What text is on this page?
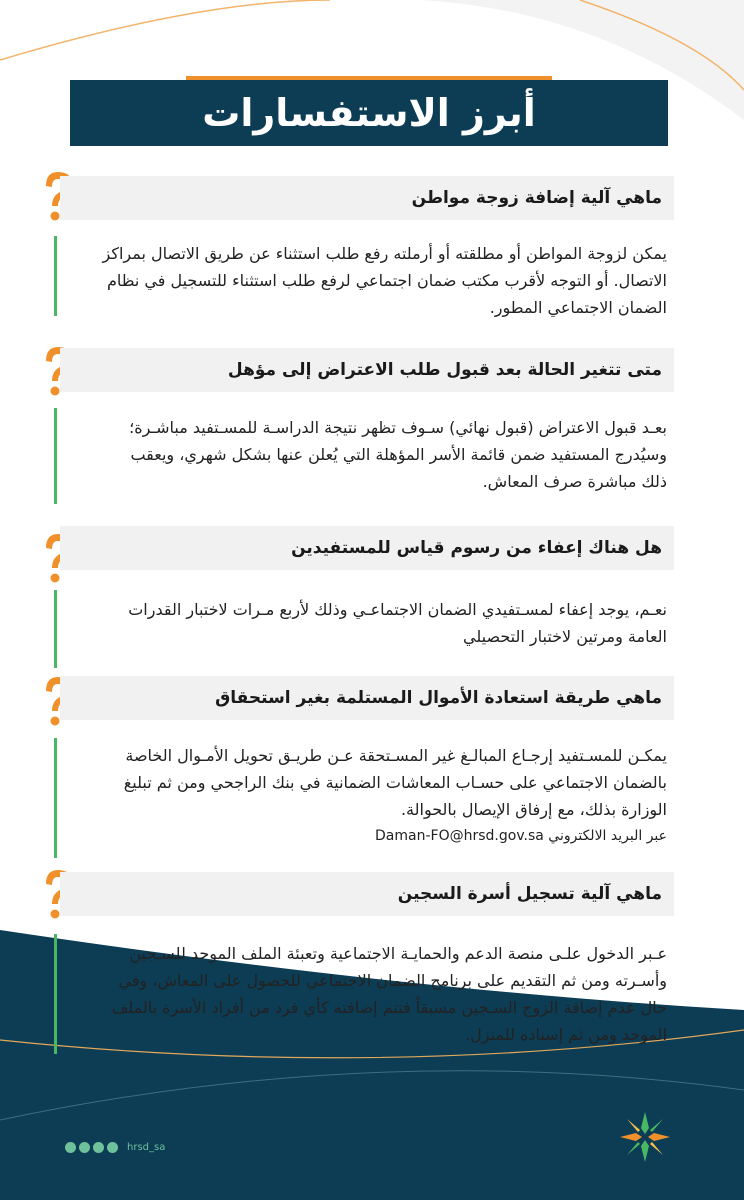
أبرز الاستفسارات
ماهي آلية إضافة زوجة مواطن
يمكن لزوجة المواطن أو مطلقته أو أرملته رفع طلب استثناء عن طريق الاتصال بمراكز
الاتصال. أو التوجه لأقرب مكتب ضمان اجتماعي لرفع طلب استثناء للتسجيل في نظام
الضمان الاجتماعي المطور.
متى تتغير الحالة بعد قبول طلب الاعتراض إلى مؤهل
بعـد قبول الاعتراض (قبول نهائي) سـوف تظهر نتيجة الدراسـة للمسـتفيد مباشـرة؛
وسيُدرج المستفيد ضمن قائمة الأسر المؤهلة التي يُعلن عنها بشكل شهري، ويعقب
ذلك مباشرة صرف المعاش.
هل هناك إعفاء من رسوم قياس للمستفيدين
نعـم، يوجد إعفاء لمسـتفيدي الضمان الاجتماعـي وذلك لأربع مـرات لاختبار القدرات
العامة ومرتين لاختبار التحصيلي
ماهي طريقة استعادة الأموال المستلمة بغير استحقاق
يمكـن للمسـتفيد إرجـاع المبالـغ غير المسـتحقة عـن طريـق تحويل الأمـوال الخاصة
بالضمان الاجتماعي على حسـاب المعاشات الضمانية في بنك الراجحي ومن ثم تبليغ
الوزارة بذلك، مع إرفاق الإيصال بالحوالة.
عبر البريد الالكتروني Daman-FO@hrsd.gov.sa
ماهي آلية تسجيل أسرة السجين
عـبر الدخول علـى منصة الدعم والحمايـة الاجتماعية وتعبئة الملف الموحد للسـجين
وأسـرته ومن ثم التقديم على برنامج الضمان الاجتماعي للحصول على المعاش، وفي
حال عدم إضافة الزوج السـجين مسبقاً فتتم إضافته كأي فرد من أفراد الأسرة بالملف
الموحد ومن ثم إسناده للمنزل.
hrsd_sa
